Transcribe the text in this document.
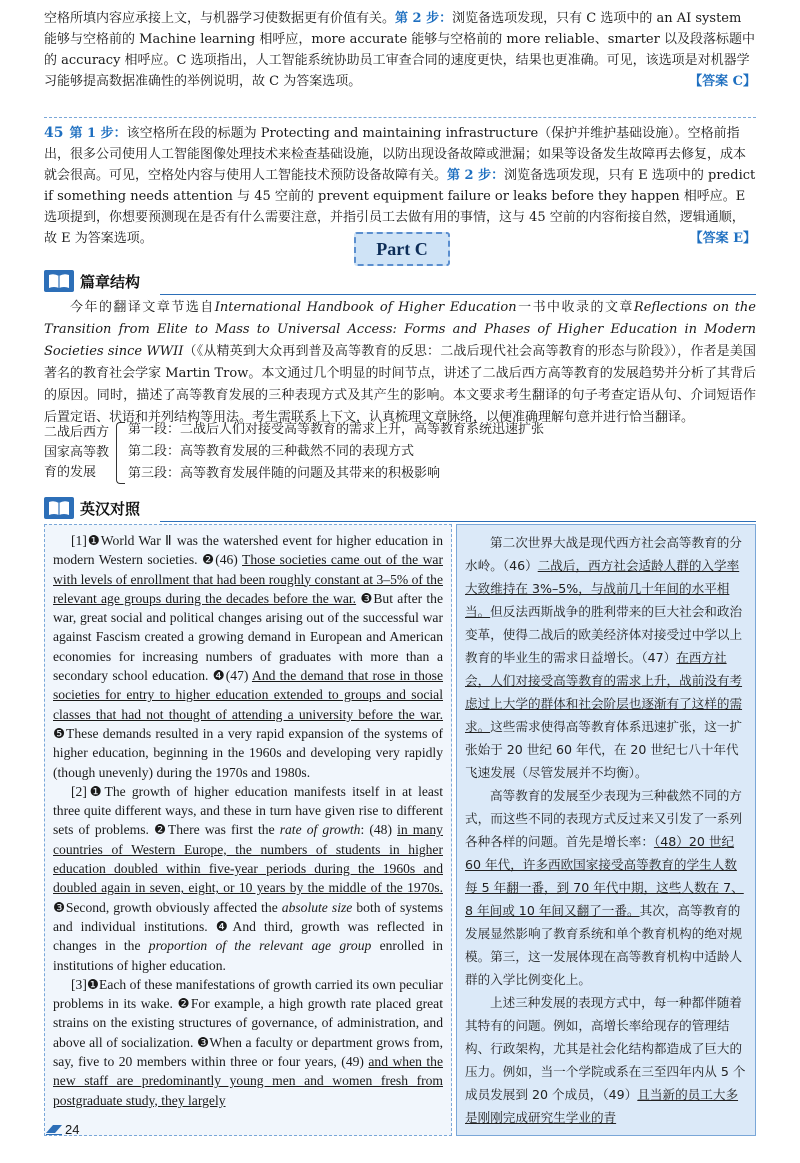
空格所填内容应承接上文，与机器学习使数据更有价值有关。第 2 步：浏览备选项发现，只有 C 选项中的 an AI system 能够与空格前的 Machine learning 相呼应，more accurate 能够与空格前的 more reliable、smarter 以及段落标题中的 accuracy 相呼应。C 选项指出，人工智能系统协助员工审查合同的速度更快，结果也更准确。可见，该选项是对机器学习能够提高数据准确性的举例说明，故 C 为答案选项。	【答案 C】
45 第 1 步：该空格所在段的标题为 Protecting and maintaining infrastructure（保护并维护基础设施）。空格前指出，很多公司使用人工智能图像处理技术来检查基础设施，以防出现设备故障或泄漏；如果等设备发生故障再去修复，成本就会很高。可见，空格处内容与使用人工智能技术预防设备故障有关。第 2 步：浏览备选项发现，只有 E 选项中的 predict if something needs attention 与 45 空前的 prevent equipment failure or leaks before they happen 相呼应。E 选项提到，你想要预测现在是否有什么需要注意，并指引员工去做有用的事情，这与 45 空前的内容衔接自然，逻辑通顺，故 E 为答案选项。	【答案 E】
Part C
篇章结构
今年的翻译文章节选自International Handbook of Higher Education一书中收录的文章Reflections on the Transition from Elite to Mass to Universal Access: Forms and Phases of Higher Education in Modern Societies since WWII（《从精英到大众再到普及高等教育的反思：二战后现代社会高等教育的形态与阶段》），作者是美国著名的教育社会学家 Martin Trow。本文通过几个明显的时间节点，讲述了二战后西方高等教育的发展趋势并分析了其背后的原因。同时，描述了高等教育发展的三种表现方式及其产生的影响。本文要求考生翻译的句子考查定语从句、介词短语作后置定语、状语和并列结构等用法。考生需联系上下文，认真梳理文章脉络，以便准确理解句意并进行恰当翻译。
二战后西方国家高等教育的发展
第一段：二战后人们对接受高等教育的需求上升，高等教育系统迅速扩张
第二段：高等教育发展的三种截然不同的表现方式
第三段：高等教育发展伴随的问题及其带来的积极影响
英汉对照

[1]❶World War Ⅱ was the watershed event for higher education in modern Western societies. ❷(46) Those societies came out of the war with levels of enrollment that had been roughly constant at 3–5% of the relevant age groups during the decades before the war. ❸But after the war, great social and political changes arising out of the successful war against Fascism created a growing demand in European and American economies for increasing numbers of graduates with more than a secondary school education. ❹(47) And the demand that rose in those societies for entry to higher education extended to groups and social classes that had not thought of attending a university before the war. ❺These demands resulted in a very rapid expansion of the systems of higher education, beginning in the 1960s and developing very rapidly (though unevenly) during the 1970s and 1980s.

[2]❶The growth of higher education manifests itself in at least three quite different ways, and these in turn have given rise to different sets of problems. ❷There was first the rate of growth: (48) in many countries of Western Europe, the numbers of students in higher education doubled within five-year periods during the 1960s and doubled again in seven, eight, or 10 years by the middle of the 1970s. ❸Second, growth obviously affected the absolute size both of systems and individual institutions. ❹And third, growth was reflected in changes in the proportion of the relevant age group enrolled in institutions of higher education.

[3]❶Each of these manifestations of growth carried its own peculiar problems in its wake. ❷For example, a high growth rate placed great strains on the existing structures of governance, of administration, and above all of socialization. ❸When a faculty or department grows from, say, five to 20 members within three or four years, (49) and when the new staff are predominantly young men and women fresh from postgraduate study, they largely

第二次世界大战是现代西方社会高等教育的分水岭。（46）二战后，西方社会适龄人群的入学率大致维持在 3%–5%，与战前几十年间的水平相当。但反法西斯战争的胜利带来的巨大社会和政治变革，使得二战后的欧美经济体对接受过中学以上教育的毕业生的需求日益增长。（47）在西方社会，人们对接受高等教育的需求上升，战前没有考虑过上大学的群体和社会阶层也逐渐有了这样的需求。这些需求使得高等教育体系迅速扩张，这一扩张始于 20 世纪 60 年代，在 20 世纪七八十年代飞速发展（尽管发展并不均衡）。

高等教育的发展至少表现为三种截然不同的方式，而这些不同的表现方式反过来又引发了一系列各种各样的问题。首先是增长率：（48）20 世纪 60 年代，许多西欧国家接受高等教育的学生人数每 5 年翻一番，到 70 年代中期，这些人数在 7、8 年间或 10 年间又翻了一番。其次，高等教育的发展显然影响了教育系统和单个教育机构的绝对规模。第三，这一发展体现在高等教育机构中适龄人群的入学比例变化上。

上述三种发展的表现方式中，每一种都伴随着其特有的问题。例如，高增长率给现存的管理结构、行政架构，尤其是社会化结构都造成了巨大的压力。例如，当一个学院或系在三至四年内从 5 个成员发展到 20 个成员，（49）且当新的员工大多是刚刚完成研究生学业的青

24
